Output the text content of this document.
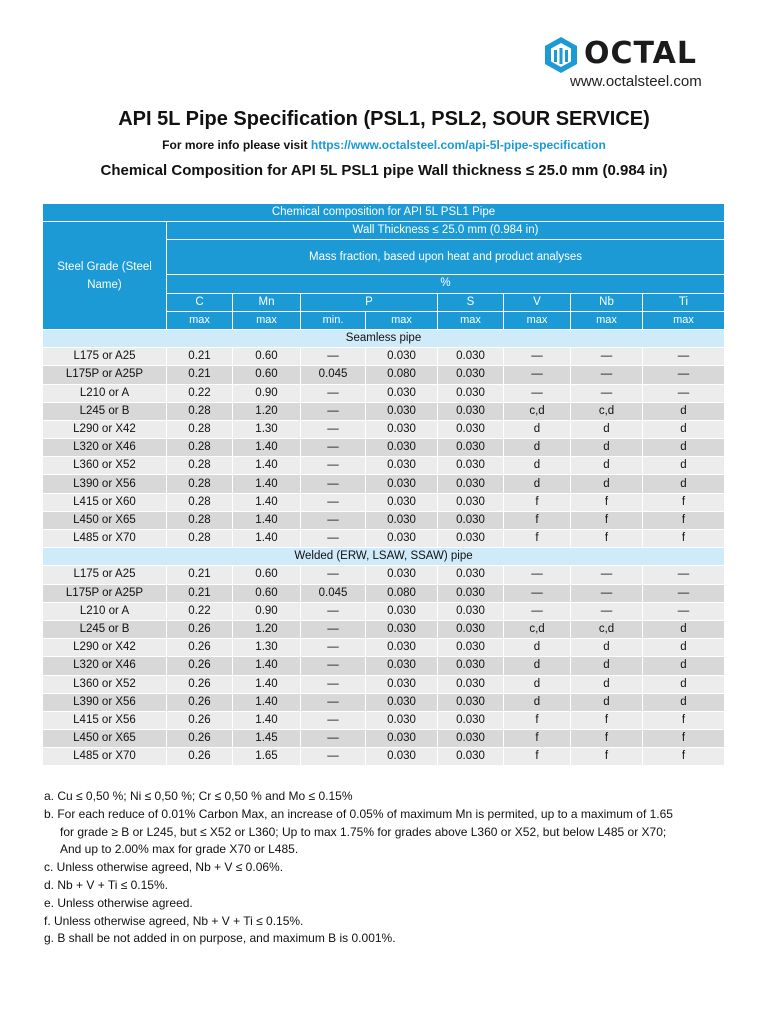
OCTAL
www.octalsteel.com
API 5L Pipe Specification (PSL1, PSL2, SOUR SERVICE)
For more info please visit https://www.octalsteel.com/api-5l-pipe-specification
Chemical Composition for API 5L PSL1 pipe Wall thickness ≤ 25.0 mm (0.984 in)
Chemical composition for API 5L PSL1 Pipe								
Steel Grade (Steel Name)	Wall Thickness ≤ 25.0 mm (0.984 in)							
	Mass fraction, based upon heat and product analyses							
	%							
	C	Mn	P		S	V	Nb	Ti
	max	max	min.	max	max	max	max	max
Seamless pipe								
L175 or A25	0.21	0.60	—	0.030	0.030	—	—	—
L175P or A25P	0.21	0.60	0.045	0.080	0.030	—	—	—
L210 or A	0.22	0.90	—	0.030	0.030	—	—	—
L245 or B	0.28	1.20	—	0.030	0.030	c,d	c,d	d
L290 or X42	0.28	1.30	—	0.030	0.030	d	d	d
L320 or X46	0.28	1.40	—	0.030	0.030	d	d	d
L360 or X52	0.28	1.40	—	0.030	0.030	d	d	d
L390 or X56	0.28	1.40	—	0.030	0.030	d	d	d
L415 or X60	0.28	1.40	—	0.030	0.030	f	f	f
L450 or X65	0.28	1.40	—	0.030	0.030	f	f	f
L485 or X70	0.28	1.40	—	0.030	0.030	f	f	f
Welded (ERW, LSAW, SSAW) pipe								
L175 or A25	0.21	0.60	—	0.030	0.030	—	—	—
L175P or A25P	0.21	0.60	0.045	0.080	0.030	—	—	—
L210 or A	0.22	0.90	—	0.030	0.030	—	—	—
L245 or B	0.26	1.20	—	0.030	0.030	c,d	c,d	d
L290 or X42	0.26	1.30	—	0.030	0.030	d	d	d
L320 or X46	0.26	1.40	—	0.030	0.030	d	d	d
L360 or X52	0.26	1.40	—	0.030	0.030	d	d	d
L390 or X56	0.26	1.40	—	0.030	0.030	d	d	d
L415 or X56	0.26	1.40	—	0.030	0.030	f	f	f
L450 or X65	0.26	1.45	—	0.030	0.030	f	f	f
L485 or X70	0.26	1.65	—	0.030	0.030	f	f	f
a. Cu ≤ 0,50 %; Ni ≤ 0,50 %; Cr ≤ 0,50 % and Mo ≤ 0.15%
b. For each reduce of 0.01% Carbon Max, an increase of 0.05% of maximum Mn is permited, up to a maximum of 1.65
for grade ≥ B or L245, but ≤ X52 or L360; Up to max 1.75% for grades above L360 or X52, but below L485 or X70;
And up to 2.00% max for grade X70 or L485.
c. Unless otherwise agreed, Nb + V ≤ 0.06%.
d. Nb + V + Ti ≤ 0.15%.
e. Unless otherwise agreed.
f. Unless otherwise agreed, Nb + V + Ti ≤ 0.15%.
g. B shall be not added in on purpose, and maximum B is 0.001%.
